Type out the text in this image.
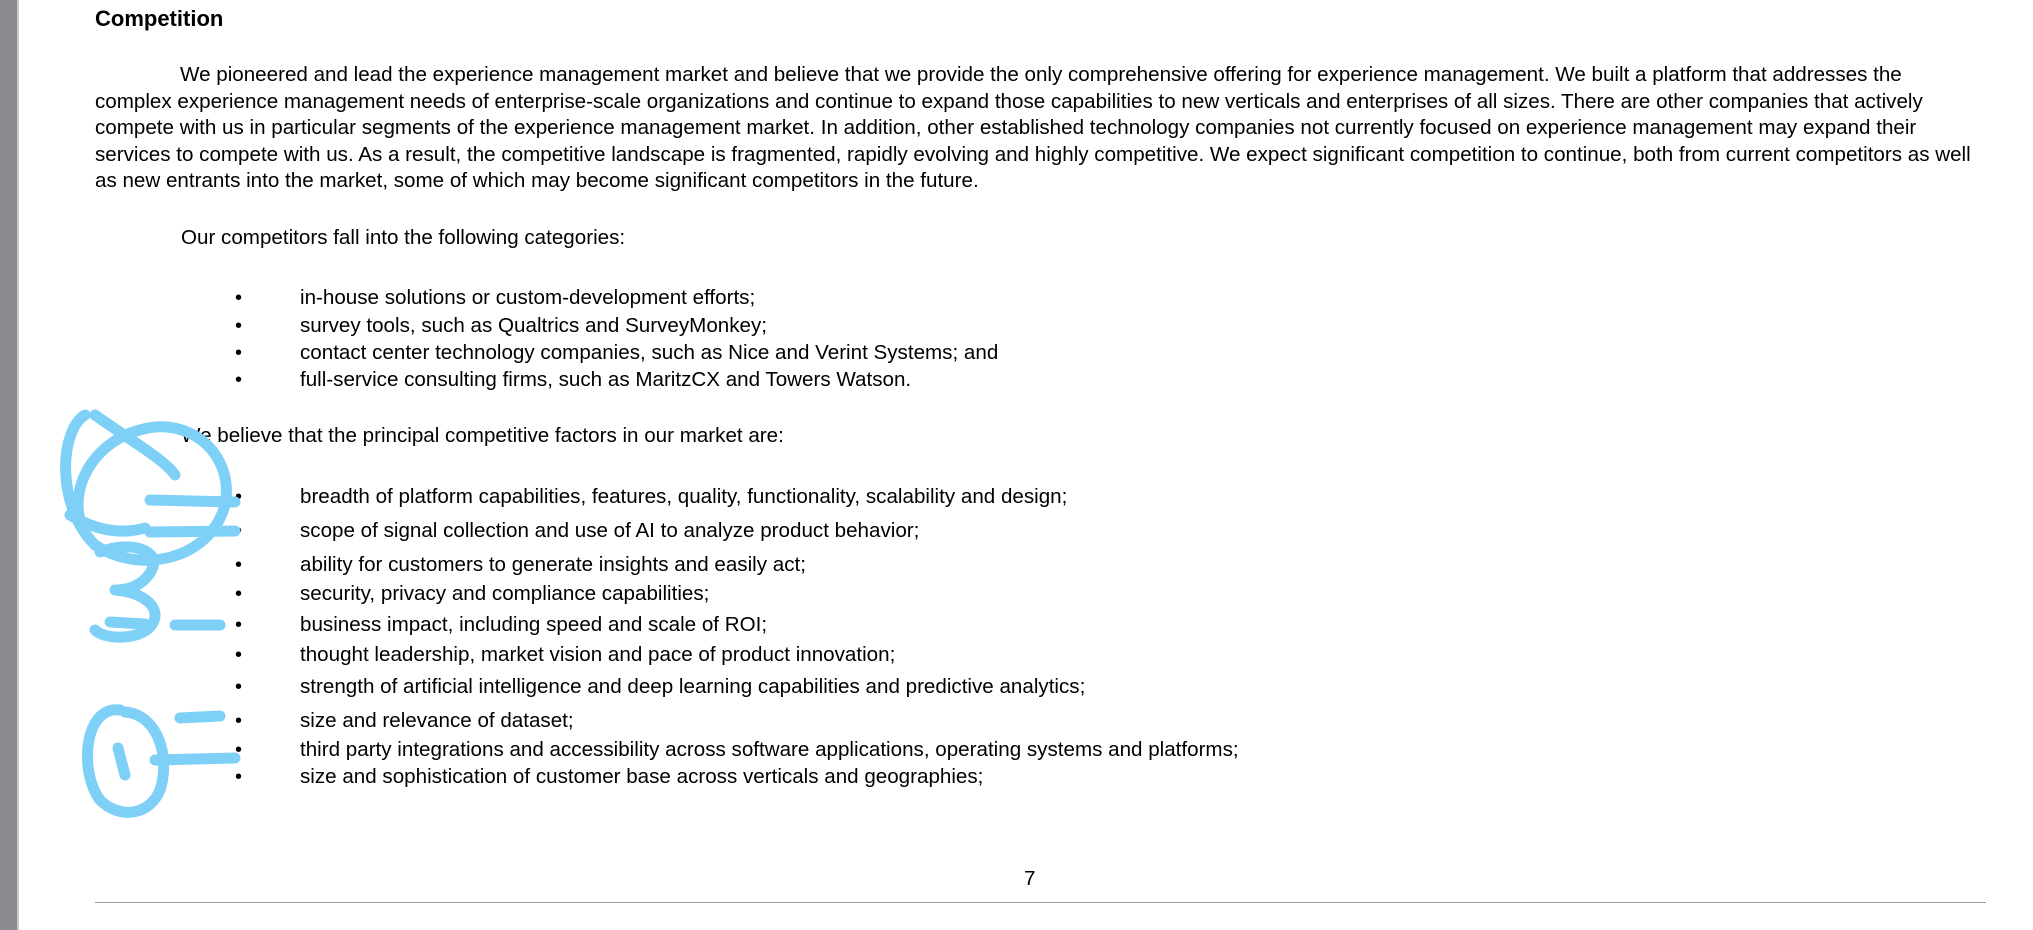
Competition

We pioneered and lead the experience management market and believe that we provide the only comprehensive offering for experience management. We built a platform that addresses the complex experience management needs of enterprise-scale organizations and continue to expand those capabilities to new verticals and enterprises of all sizes. There are other companies that actively compete with us in particular segments of the experience management market. In addition, other established technology companies not currently focused on experience management may expand their services to compete with us. As a result, the competitive landscape is fragmented, rapidly evolving and highly competitive. We expect significant competition to continue, both from current competitors as well as new entrants into the market, some of which may become significant competitors in the future.

Our competitors fall into the following categories:

•	in-house solutions or custom-development efforts;
•	survey tools, such as Qualtrics and SurveyMonkey;
•	contact center technology companies, such as Nice and Verint Systems; and
•	full-service consulting firms, such as MaritzCX and Towers Watson.

We believe that the principal competitive factors in our market are:

•	breadth of platform capabilities, features, quality, functionality, scalability and design;
•	scope of signal collection and use of AI to analyze product behavior;
•	ability for customers to generate insights and easily act;
•	security, privacy and compliance capabilities;
•	business impact, including speed and scale of ROI;
•	thought leadership, market vision and pace of product innovation;
•	strength of artificial intelligence and deep learning capabilities and predictive analytics;
•	size and relevance of dataset;
•	third party integrations and accessibility across software applications, operating systems and platforms;
•	size and sophistication of customer base across verticals and geographies;
7
